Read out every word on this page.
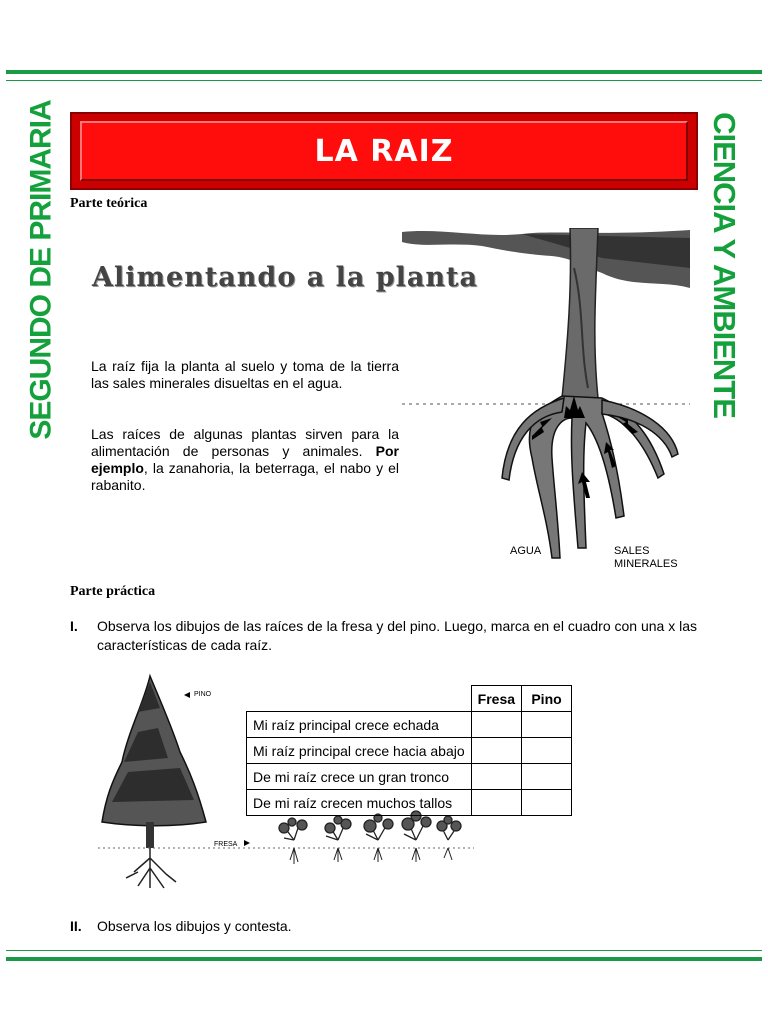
SEGUNDO DE PRIMARIA	CIENCIA Y AMBIENTE
LA RAIZ
Parte teórica
AGUA	SALES
MINERALES
Alimentando a la planta
La raíz fija la planta al suelo y toma de la tierra las sales minerales disueltas en el agua.
Las raíces de algunas plantas sirven para la alimentación de personas y animales. Por ejemplo, la zanahoria, la beterraga, el nabo y el rabanito.
Parte práctica
I. Observa los dibujos de las raíces de la fresa y del pino. Luego, marca en el cuadro con una x las características de cada raíz.
PINO
FRESA
	Fresa	Pino
Mi raíz principal crece echada		
Mi raíz principal crece hacia abajo		
De mi raíz crece un gran tronco		
De mi raíz crecen muchos tallos		
II. Observa los dibujos y contesta.
